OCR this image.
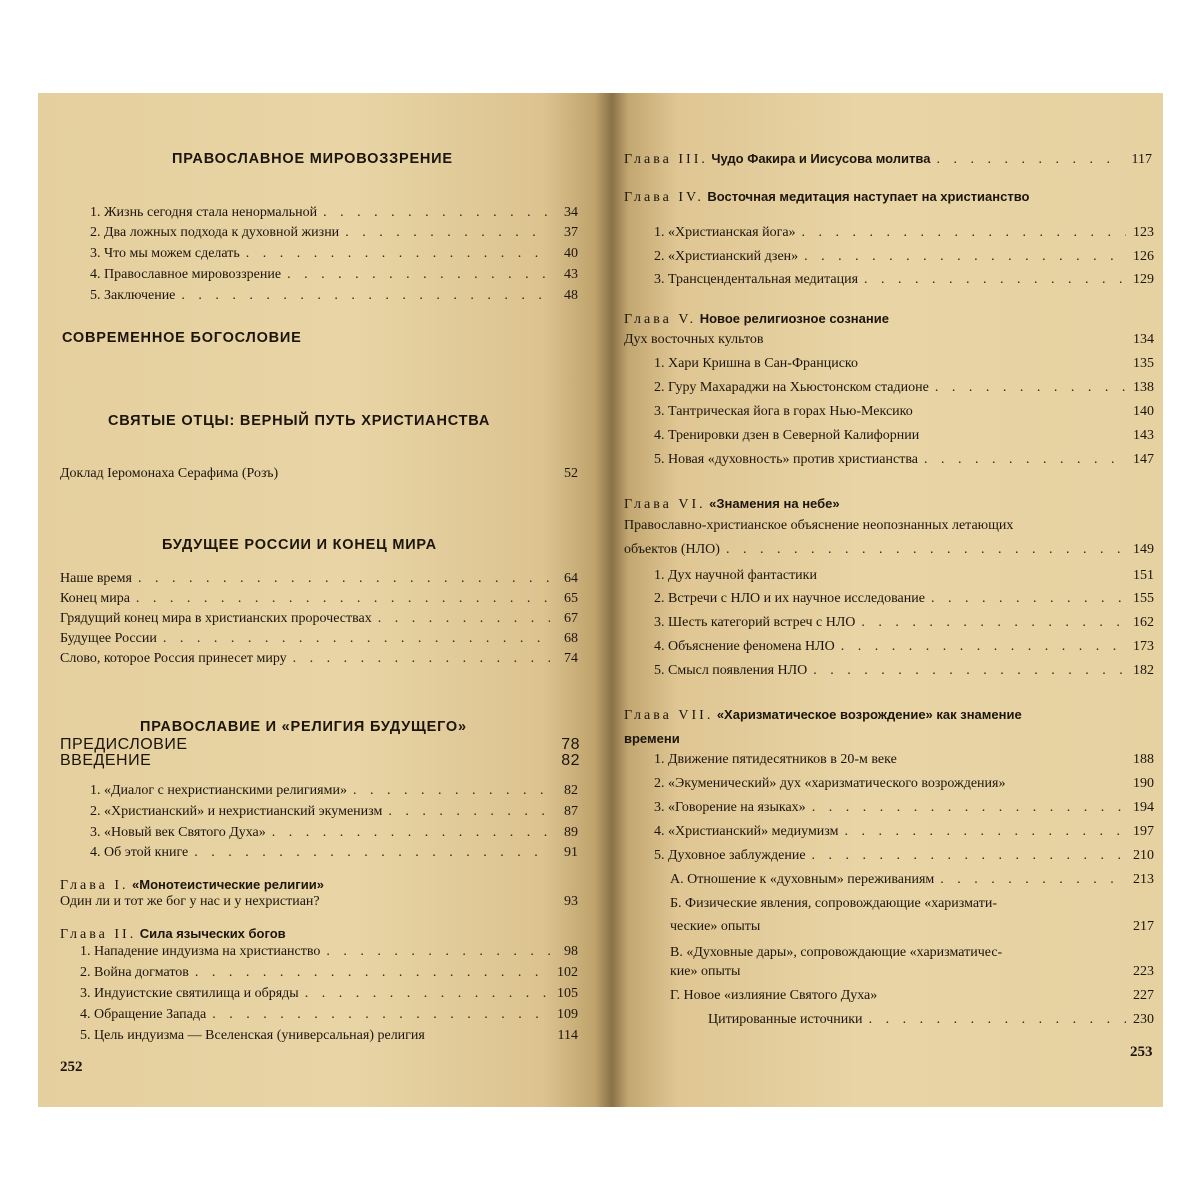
ПРАВОСЛАВНОЕ МИРОВОЗЗРЕНИЕ
1. Жизнь сегодня стала ненормальной . . .	34
2. Два ложных подхода к духовной жизни . . .	37
3. Что мы можем сделать . . .	40
4. Православное мировоззрение . . .	43
5. Заключение . . .	48
СОВРЕМЕННОЕ БОГОСЛОВИЕ
СВЯТЫЕ ОТЦЫ: ВЕРНЫЙ ПУТЬ ХРИСТИАНСТВА
Доклад Iеромонаха Серафима (Розъ)	52
БУДУЩЕЕ РОССИИ И КОНЕЦ МИРА
Наше время . . .	64
Конец мира . . .	65
Грядущий конец мира в христианских пророчествах . . .	67
Будущее России . . .	68
Слово, которое Россия принесет миру . . .	74
ПРАВОСЛАВИЕ И «РЕЛИГИЯ БУДУЩЕГО»
ПРЕДИСЛОВИЕ	78
ВВЕДЕНИЕ	82
1. «Диалог с нехристианскими религиями» . . .	82
2. «Христианский» и нехристианский экуменизм . . .	87
3. «Новый век Святого Духа» . . .	89
4. Об этой книге . . .	91
Глава I. «Монотеистические религии»
Один ли и тот же бог у нас и у нехристиан?	93
Глава II. Сила языческих богов
1. Нападение индуизма на христианство . . .	98
2. Война догматов . . .	102
3. Индуистские святилища и обряды . . .	105
4. Обращение Запада . . .	109
5. Цель индуизма — Вселенская (универсальная) религия	114
252
Глава III. Чудо Факира и Иисусова молитва . . .	117
Глава IV. Восточная медитация наступает на христианство
1. «Христианская йога» . . .	123
2. «Христианский дзен» . . .	126
3. Трансцендентальная медитация . . .	129
Глава V. Новое религиозное сознание
Дух восточных культов	134
1. Хари Кришна в Сан-Франциско	135
2. Гуру Махараджи на Хьюстонском стадионе . . .	138
3. Тантрическая йога в горах Нью-Мексико	140
4. Тренировки дзен в Северной Калифорнии	143
5. Новая «духовность» против христианства . . .	147
Глава VI. «Знамения на небе»
Православно-христианское объяснение неопознанных летающих
объектов (НЛО) . . .	149
1. Дух научной фантастики	151
2. Встречи с НЛО и их научное исследование . . .	155
3. Шесть категорий встреч с НЛО . . .	162
4. Объяснение феномена НЛО . . .	173
5. Смысл появления НЛО . . .	182
Глава VII. «Харизматическое возрождение» как знамение
времени
1. Движение пятидесятников в 20-м веке	188
2. «Экуменический» дух «харизматического возрождения»	190
3. «Говорение на языках» . . .	194
4. «Христианский» медиумизм . . .	197
5. Духовное заблуждение . . .	210
А. Отношение к «духовным» переживаниям . . .	213
Б. Физические явления, сопровождающие «харизмати-
ческие» опыты	217
В. «Духовные дары», сопровождающие «харизматичес-
кие» опыты	223
Г. Новое «излияние Святого Духа»	227
Цитированные источники . . .	230
253
